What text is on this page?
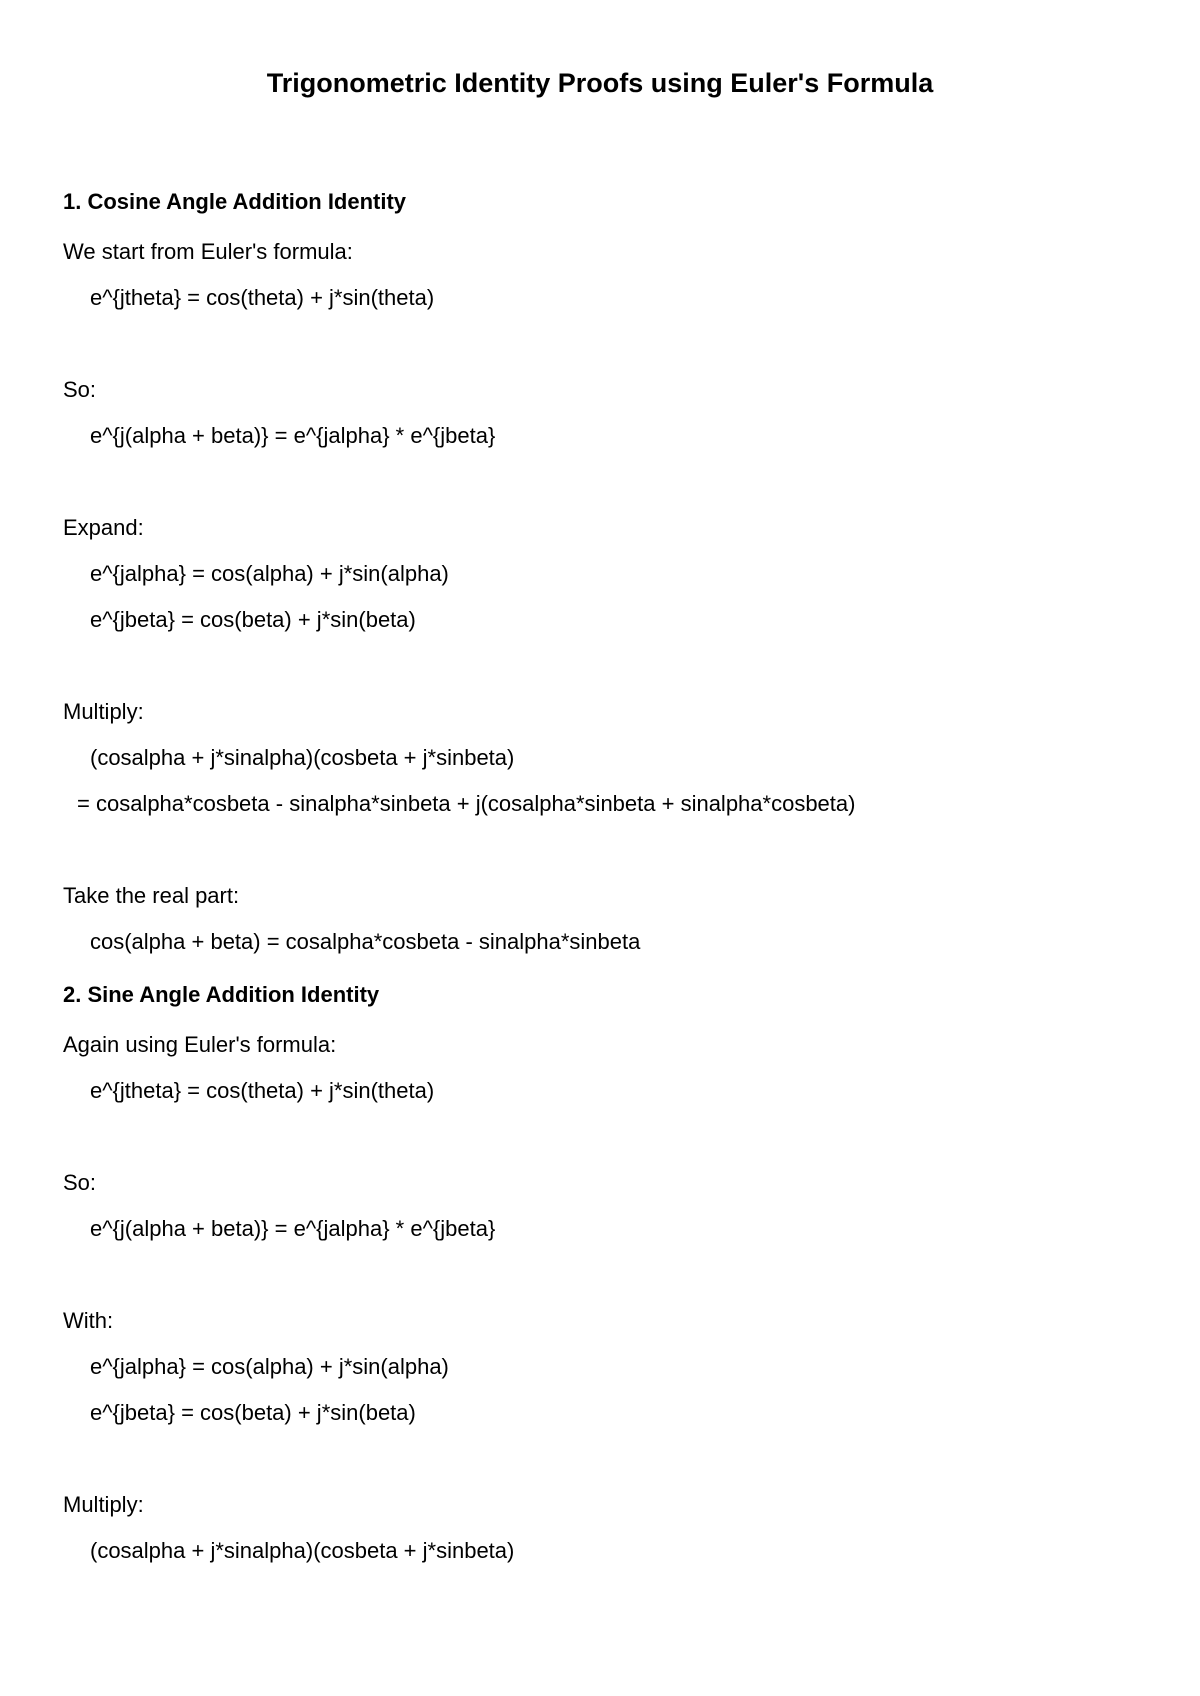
Trigonometric Identity Proofs using Euler's Formula
1. Cosine Angle Addition Identity
We start from Euler's formula:
e^{jtheta} = cos(theta) + j*sin(theta)
So:
e^{j(alpha + beta)} = e^{jalpha} * e^{jbeta}
Expand:
e^{jalpha} = cos(alpha) + j*sin(alpha)
e^{jbeta} = cos(beta) + j*sin(beta)
Multiply:
(cosalpha + j*sinalpha)(cosbeta + j*sinbeta)
= cosalpha*cosbeta - sinalpha*sinbeta + j(cosalpha*sinbeta + sinalpha*cosbeta)
Take the real part:
cos(alpha + beta) = cosalpha*cosbeta - sinalpha*sinbeta
2. Sine Angle Addition Identity
Again using Euler's formula:
e^{jtheta} = cos(theta) + j*sin(theta)
So:
e^{j(alpha + beta)} = e^{jalpha} * e^{jbeta}
With:
e^{jalpha} = cos(alpha) + j*sin(alpha)
e^{jbeta} = cos(beta) + j*sin(beta)
Multiply:
(cosalpha + j*sinalpha)(cosbeta + j*sinbeta)
